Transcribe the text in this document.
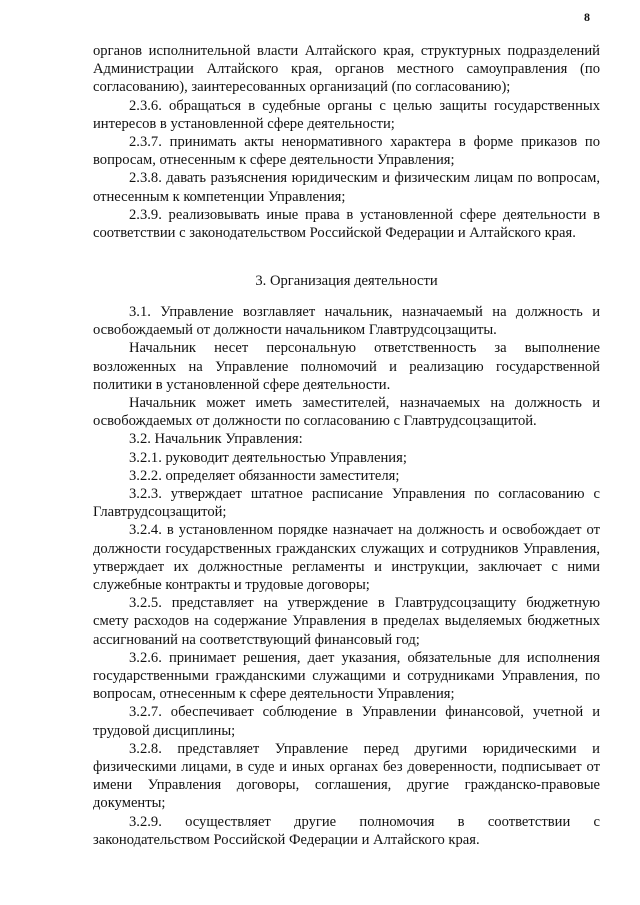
8

органов исполнительной власти Алтайского края, структурных подразделений Администрации Алтайского края, органов местного самоуправления (по согласованию), заинтересованных организаций (по согласованию);

2.3.6. обращаться в судебные органы с целью защиты государственных интересов в установленной сфере деятельности;

2.3.7. принимать акты ненормативного характера в форме приказов по вопросам, отнесенным к сфере деятельности Управления;

2.3.8. давать разъяснения юридическим и физическим лицам по вопросам, отнесенным к компетенции Управления;

2.3.9. реализовывать иные права в установленной сфере деятельности в соответствии с законодательством Российской Федерации и Алтайского края.

3. Организация деятельности

3.1. Управление возглавляет начальник, назначаемый на должность и освобождаемый от должности начальником Главтрудсоцзащиты.

Начальник несет персональную ответственность за выполнение возложенных на Управление полномочий и реализацию государственной политики в установленной сфере деятельности.

Начальник может иметь заместителей, назначаемых на должность и освобождаемых от должности по согласованию с Главтрудсоцзащитой.

3.2. Начальник Управления:

3.2.1. руководит деятельностью Управления;

3.2.2. определяет обязанности заместителя;

3.2.3. утверждает штатное расписание Управления по согласованию с Главтрудсоцзащитой;

3.2.4. в установленном порядке назначает на должность и освобождает от должности государственных гражданских служащих и сотрудников Управления, утверждает их должностные регламенты и инструкции, заключает с ними служебные контракты и трудовые договоры;

3.2.5. представляет на утверждение в Главтрудсоцзащиту бюджетную смету расходов на содержание Управления в пределах выделяемых бюджетных ассигнований на соответствующий финансовый год;

3.2.6. принимает решения, дает указания, обязательные для исполнения государственными гражданскими служащими и сотрудниками Управления, по вопросам, отнесенным к сфере деятельности Управления;

3.2.7. обеспечивает соблюдение в Управлении финансовой, учетной и трудовой дисциплины;

3.2.8. представляет Управление перед другими юридическими и физическими лицами, в суде и иных органах без доверенности, подписывает от имени Управления договоры, соглашения, другие гражданско-правовые документы;

3.2.9. осуществляет другие полномочия в соответствии с законодательством Российской Федерации и Алтайского края.
